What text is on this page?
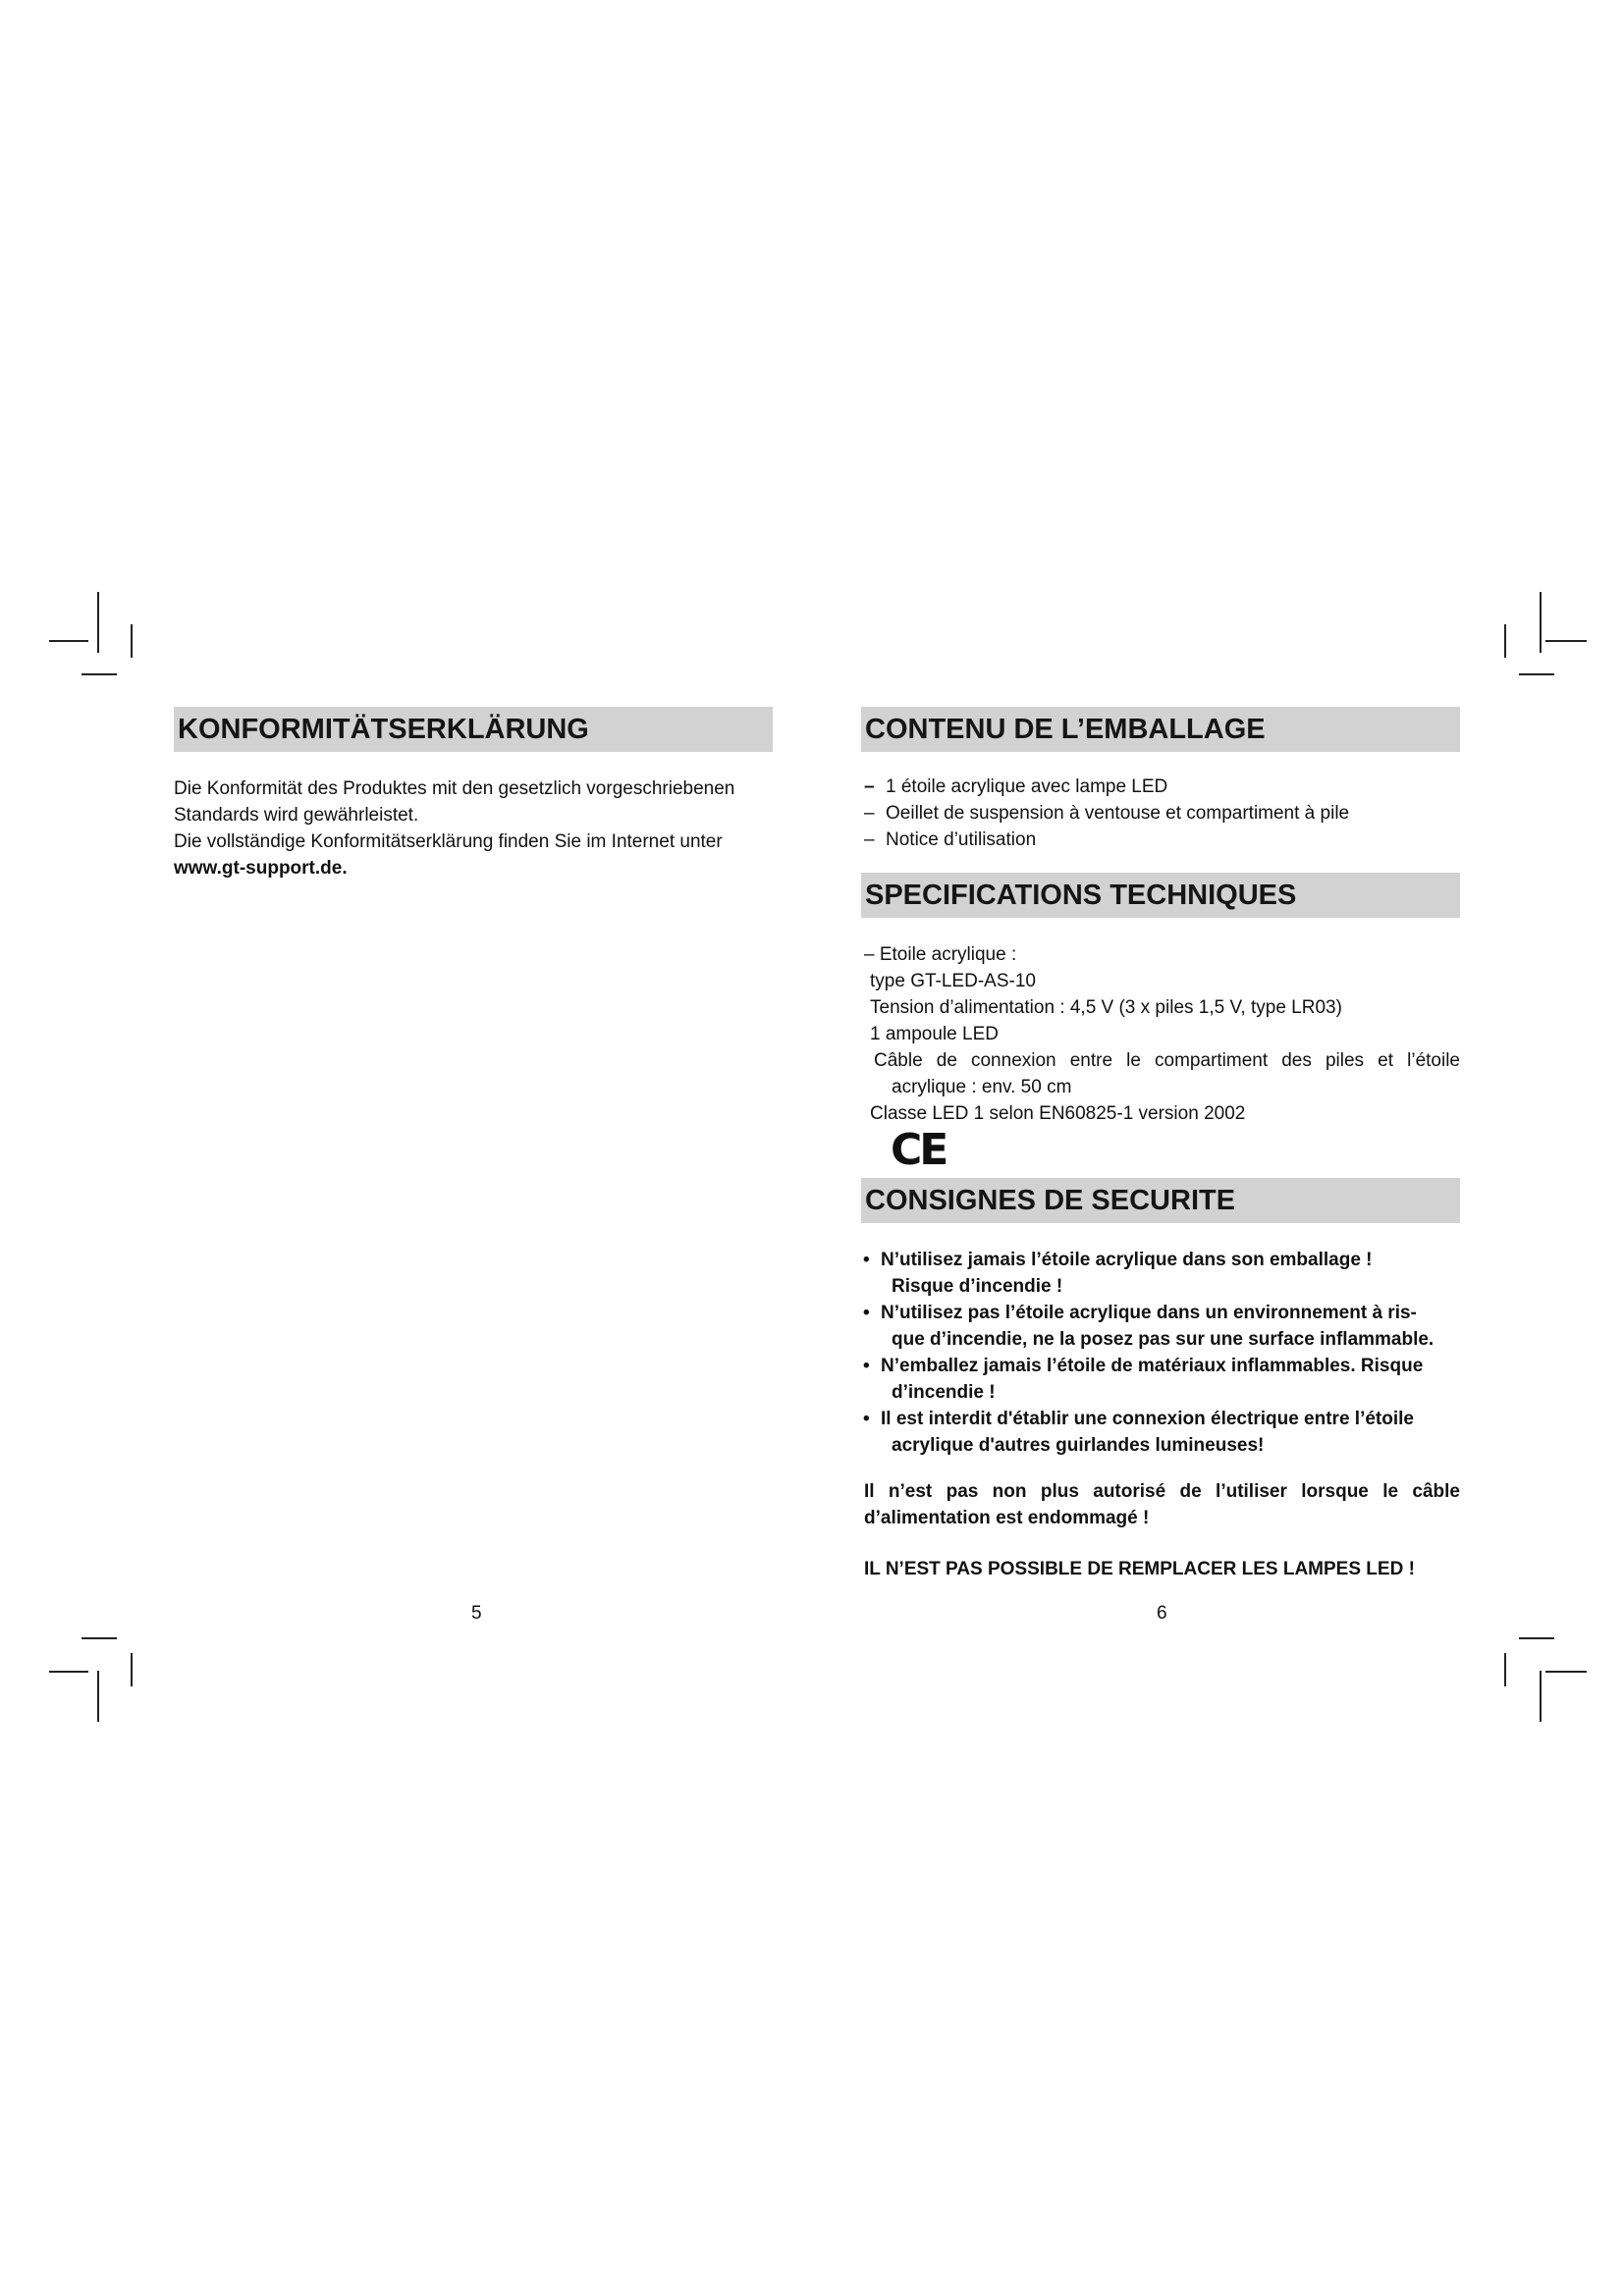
KONFORMITÄTSERKLÄRUNG

Die Konformität des Produktes mit den gesetzlich vorgeschriebenen

Standards wird gewährleistet.

Die vollständige Konformitätserklärung finden Sie im Internet unter

www.gt-support.de.

5
CONTENU DE L’EMBALLAGE
– 1 étoile acrylique avec lampe LED
– Oeillet de suspension à ventouse et compartiment à pile
– Notice d’utilisation
SPECIFICATIONS TECHNIQUES
– Etoile acrylique :
type GT-LED-AS-10
Tension d’alimentation : 4,5 V (3 x piles 1,5 V, type LR03)
1 ampoule LED
Câble de connexion entre le compartiment des piles et l’étoile
acrylique : env. 50 cm
Classe LED 1 selon EN60825-1 version 2002
CE
CONSIGNES DE SECURITE
• N’utilisez jamais l’étoile acrylique dans son emballage !
Risque d’incendie !
• N’utilisez pas l’étoile acrylique dans un environnement à ris-
que d’incendie, ne la posez pas sur une surface inflammable.
• N’emballez jamais l’étoile de matériaux inflammables. Risque
d’incendie !
• Il est interdit d'établir une connexion électrique entre l’étoile
acrylique d'autres guirlandes lumineuses!
Il n’est pas non plus autorisé de l’utiliser lorsque le câble
d’alimentation est endommagé !
IL N’EST PAS POSSIBLE DE REMPLACER LES LAMPES LED !
6
